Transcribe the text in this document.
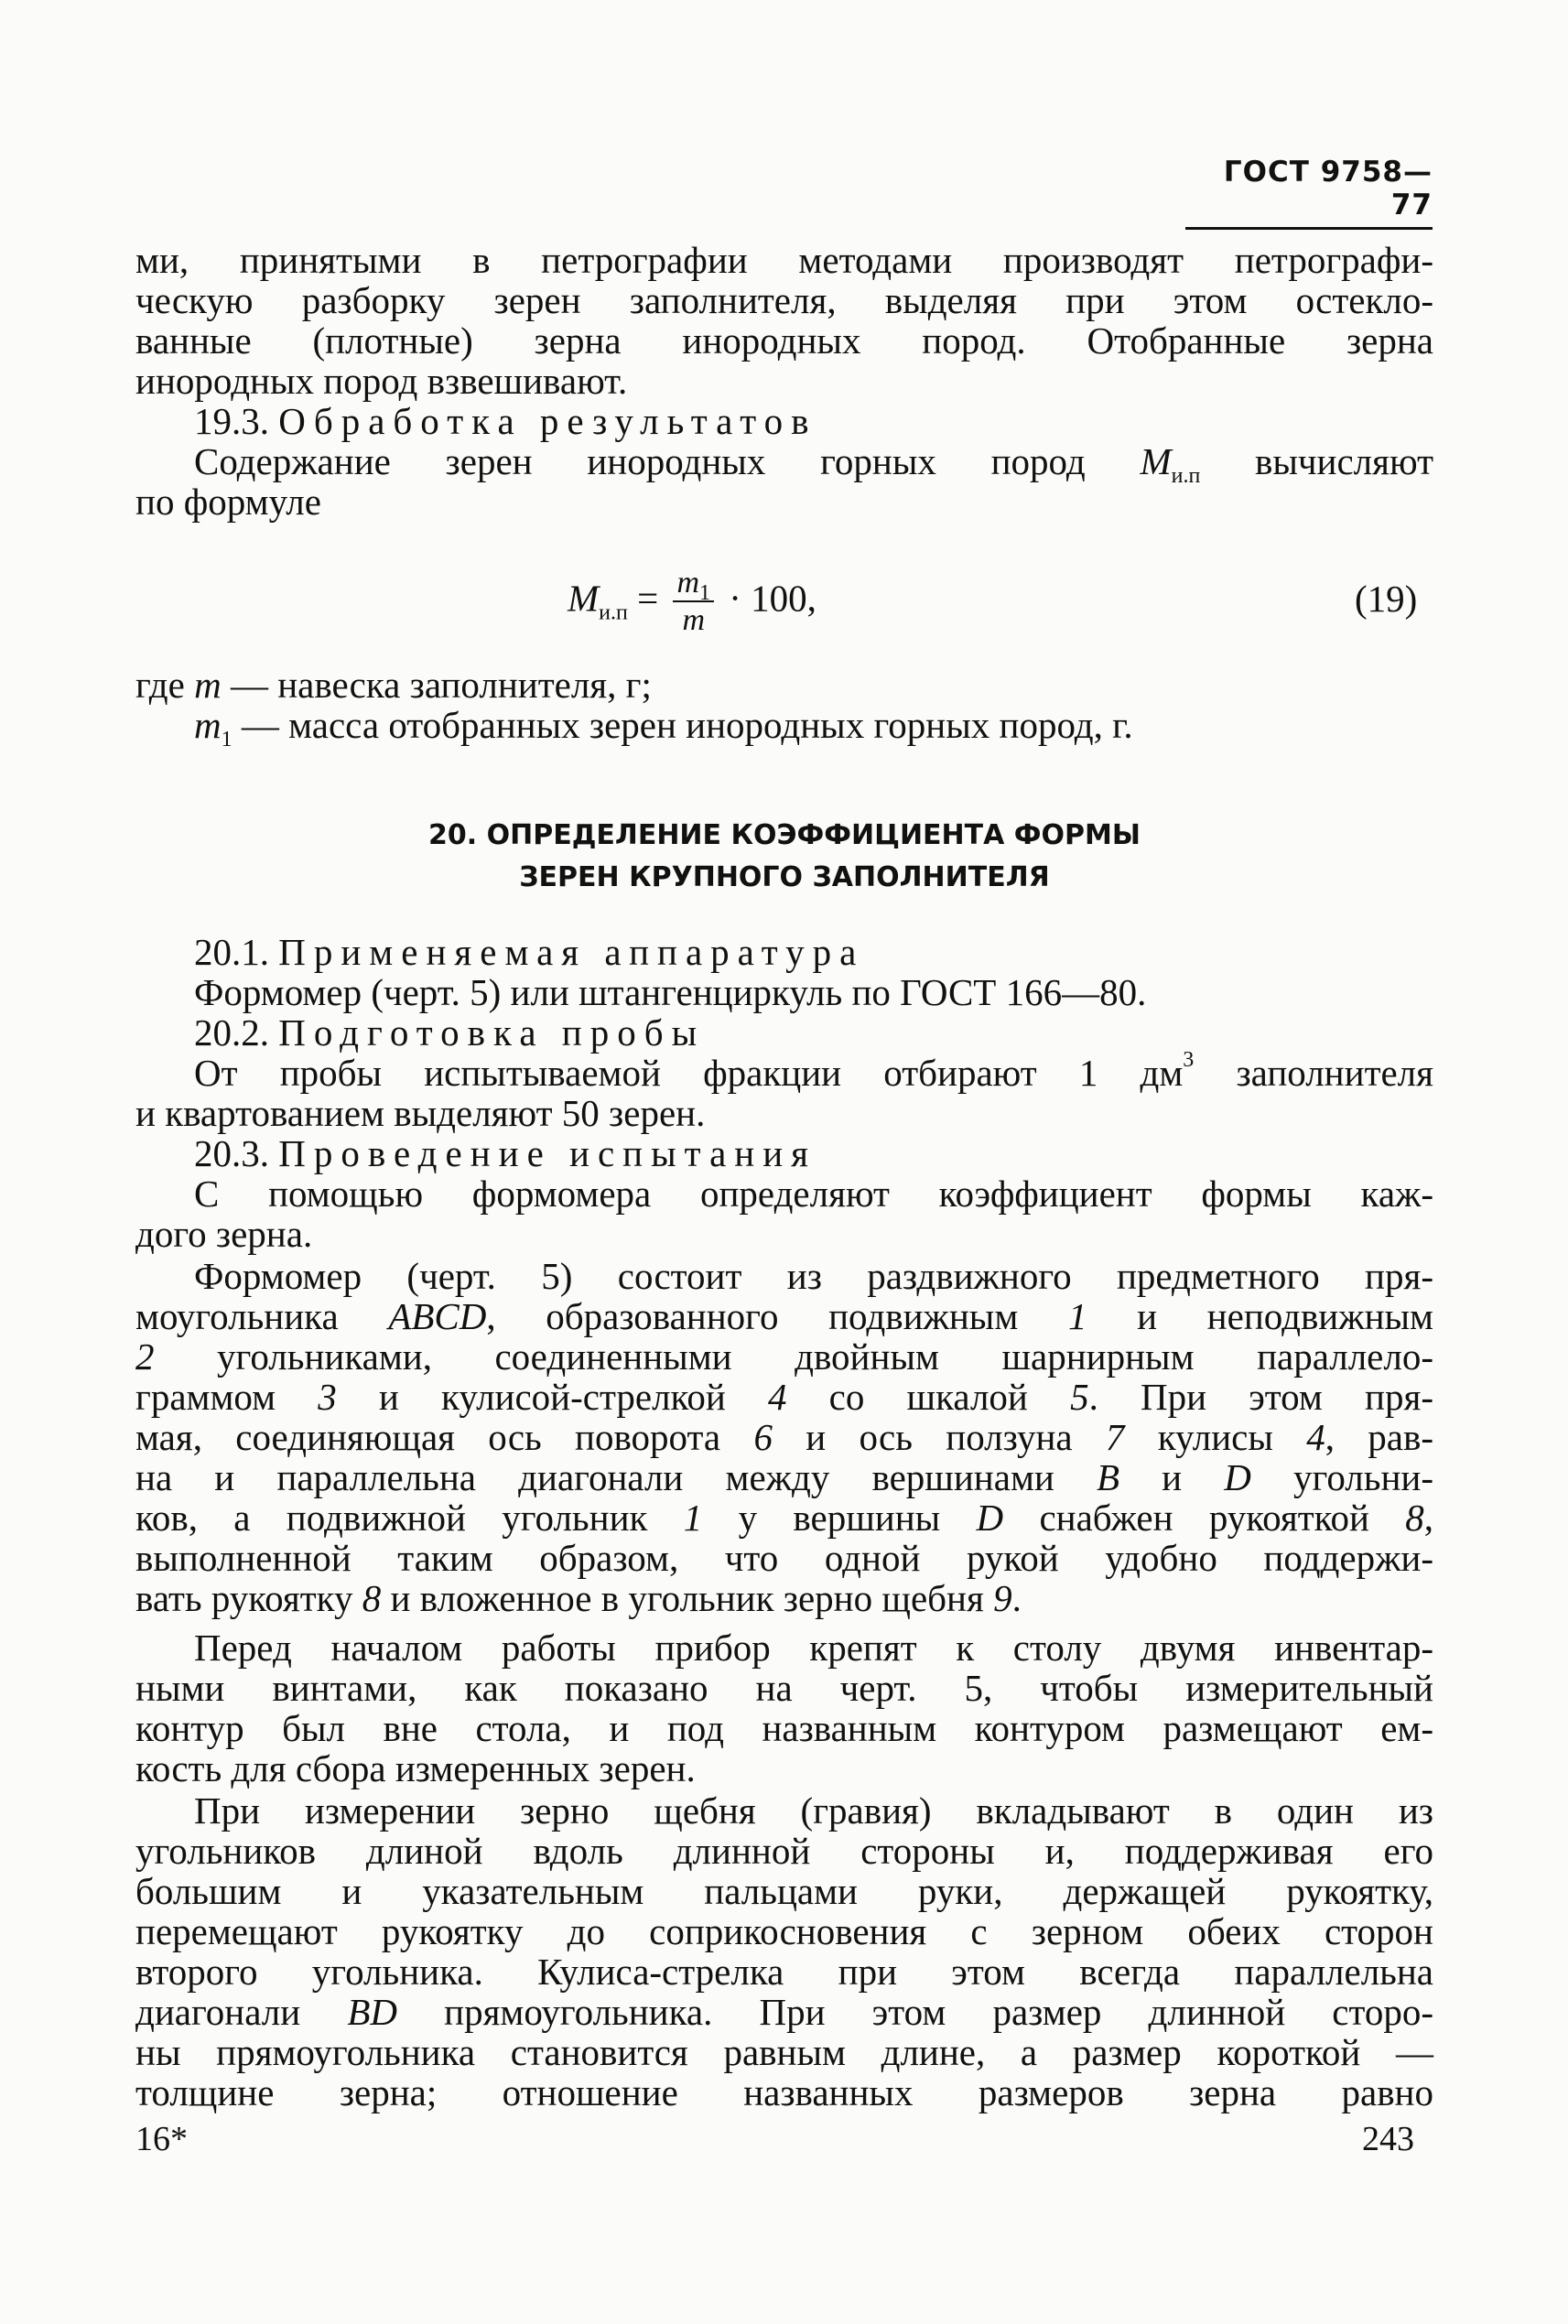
ГОСТ 9758—77
ми, принятыми в петрографии методами производят петрографи-
ческую разборку зерен заполнителя, выделяя при этом остекло-
ванные (плотные) зерна инородных пород. Отобранные зерна
инородных пород взвешивают.
19.3. Обработка результатов
Содержание зерен инородных горных пород $M_{и.п}$ вычисляют
по формуле
$M_{и.п} = \frac{m_1}{m} \cdot 100$,	(19)
где m — навеска заполнителя, г;
$m_1$ — масса отобранных зерен инородных горных пород, г.
20. ОПРЕДЕЛЕНИЕ КОЭФФИЦИЕНТА ФОРМЫ
ЗЕРЕН КРУПНОГО ЗАПОЛНИТЕЛЯ
20.1. Применяемая аппаратура
Формомер (черт. 5) или штангенциркуль по ГОСТ 166—80.
20.2. Подготовка пробы
От пробы испытываемой фракции отбирают 1 $дм^3$ заполнителя
и квартованием выделяют 50 зерен.
20.3. Проведение испытания
С помощью формомера определяют коэффициент формы каж-
дого зерна.
Формомер (черт. 5) состоит из раздвижного предметного пря-
моугольника ABCD, образованного подвижным 1 и неподвижным
2 угольниками, соединенными двойным шарнирным параллело-
граммом 3 и кулисой-стрелкой 4 со шкалой 5. При этом пря-
мая, соединяющая ось поворота 6 и ось ползуна 7 кулисы 4, рав-
на и параллельна диагонали между вершинами B и D угольни-
ков, а подвижной угольник 1 у вершины D снабжен рукояткой 8,
выполненной таким образом, что одной рукой удобно поддержи-
вать рукоятку 8 и вложенное в угольник зерно щебня 9.
Перед началом работы прибор крепят к столу двумя инвентар-
ными винтами, как показано на черт. 5, чтобы измерительный
контур был вне стола, и под названным контуром размещают ем-
кость для сбора измеренных зерен.
При измерении зерно щебня (гравия) вкладывают в один из
угольников длиной вдоль длинной стороны и, поддерживая его
большим и указательным пальцами руки, держащей рукоятку,
перемещают рукоятку до соприкосновения с зерном обеих сторон
второго угольника. Кулиса-стрелка при этом всегда параллельна
диагонали BD прямоугольника. При этом размер длинной сторо-
ны прямоугольника становится равным длине, а размер короткой —
толщине зерна; отношение названных размеров зерна равно
16*	243
